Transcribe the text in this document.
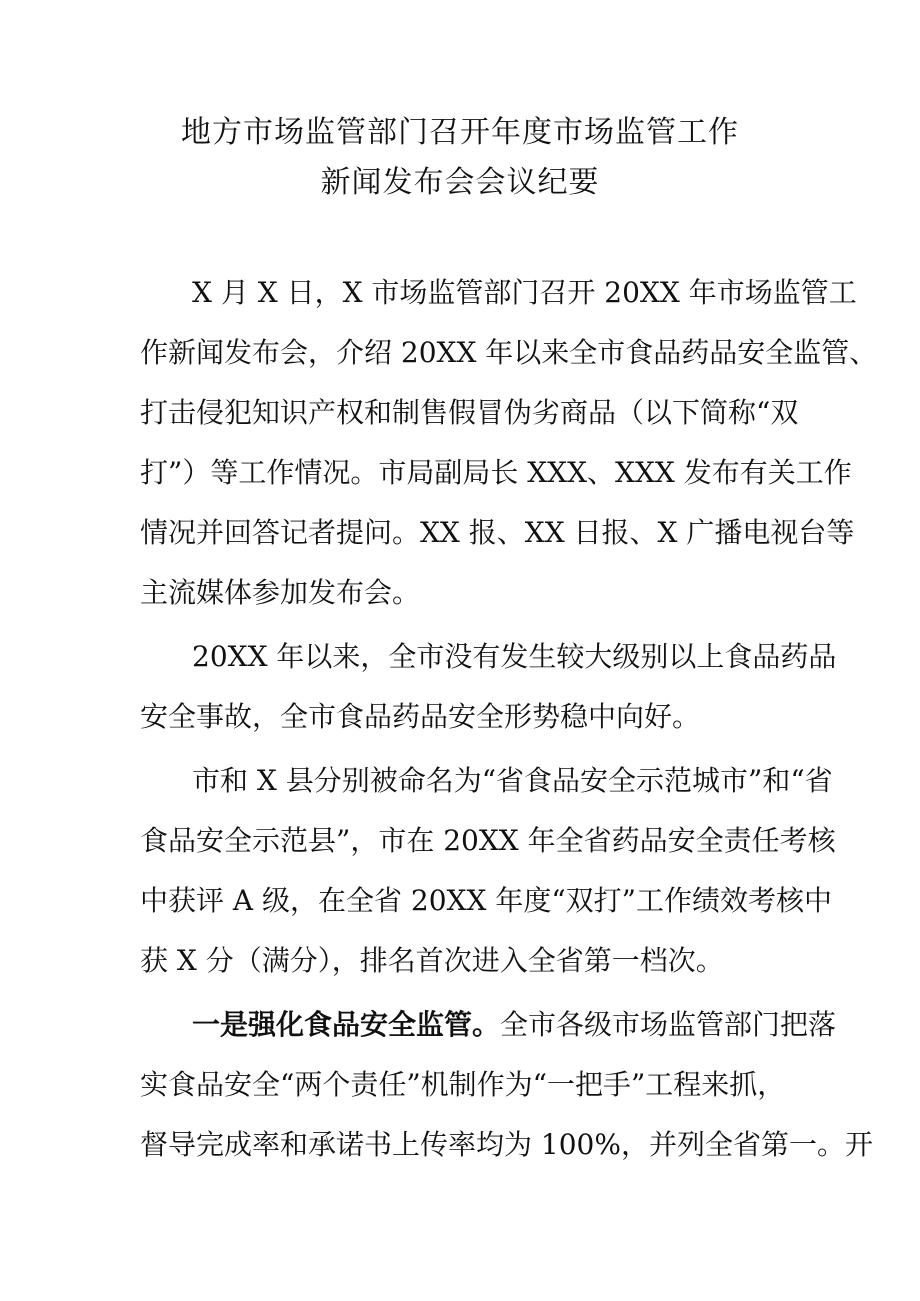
地方市场监管部门召开年度市场监管工作
新闻发布会会议纪要

X 月 X 日，X 市场监管部门召开 20XX 年市场监管工

作新闻发布会，介绍 20XX 年以来全市食品药品安全监管、

打击侵犯知识产权和制售假冒伪劣商品（以下简称“双

打”）等工作情况。市局副局长 XXX、XXX 发布有关工作

情况并回答记者提问。XX 报、XX 日报、X 广播电视台等

主流媒体参加发布会。

20XX 年以来，全市没有发生较大级别以上食品药品

安全事故，全市食品药品安全形势稳中向好。

市和 X 县分别被命名为“省食品安全示范城市”和“省

食品安全示范县”，市在 20XX 年全省药品安全责任考核

中获评 A 级，在全省 20XX 年度“双打”工作绩效考核中

获 X 分（满分），排名首次进入全省第一档次。

一是强化食品安全监管。全市各级市场监管部门把落

实食品安全“两个责任”机制作为“一把手”工程来抓，

督导完成率和承诺书上传率均为 100%，并列全省第一。开
